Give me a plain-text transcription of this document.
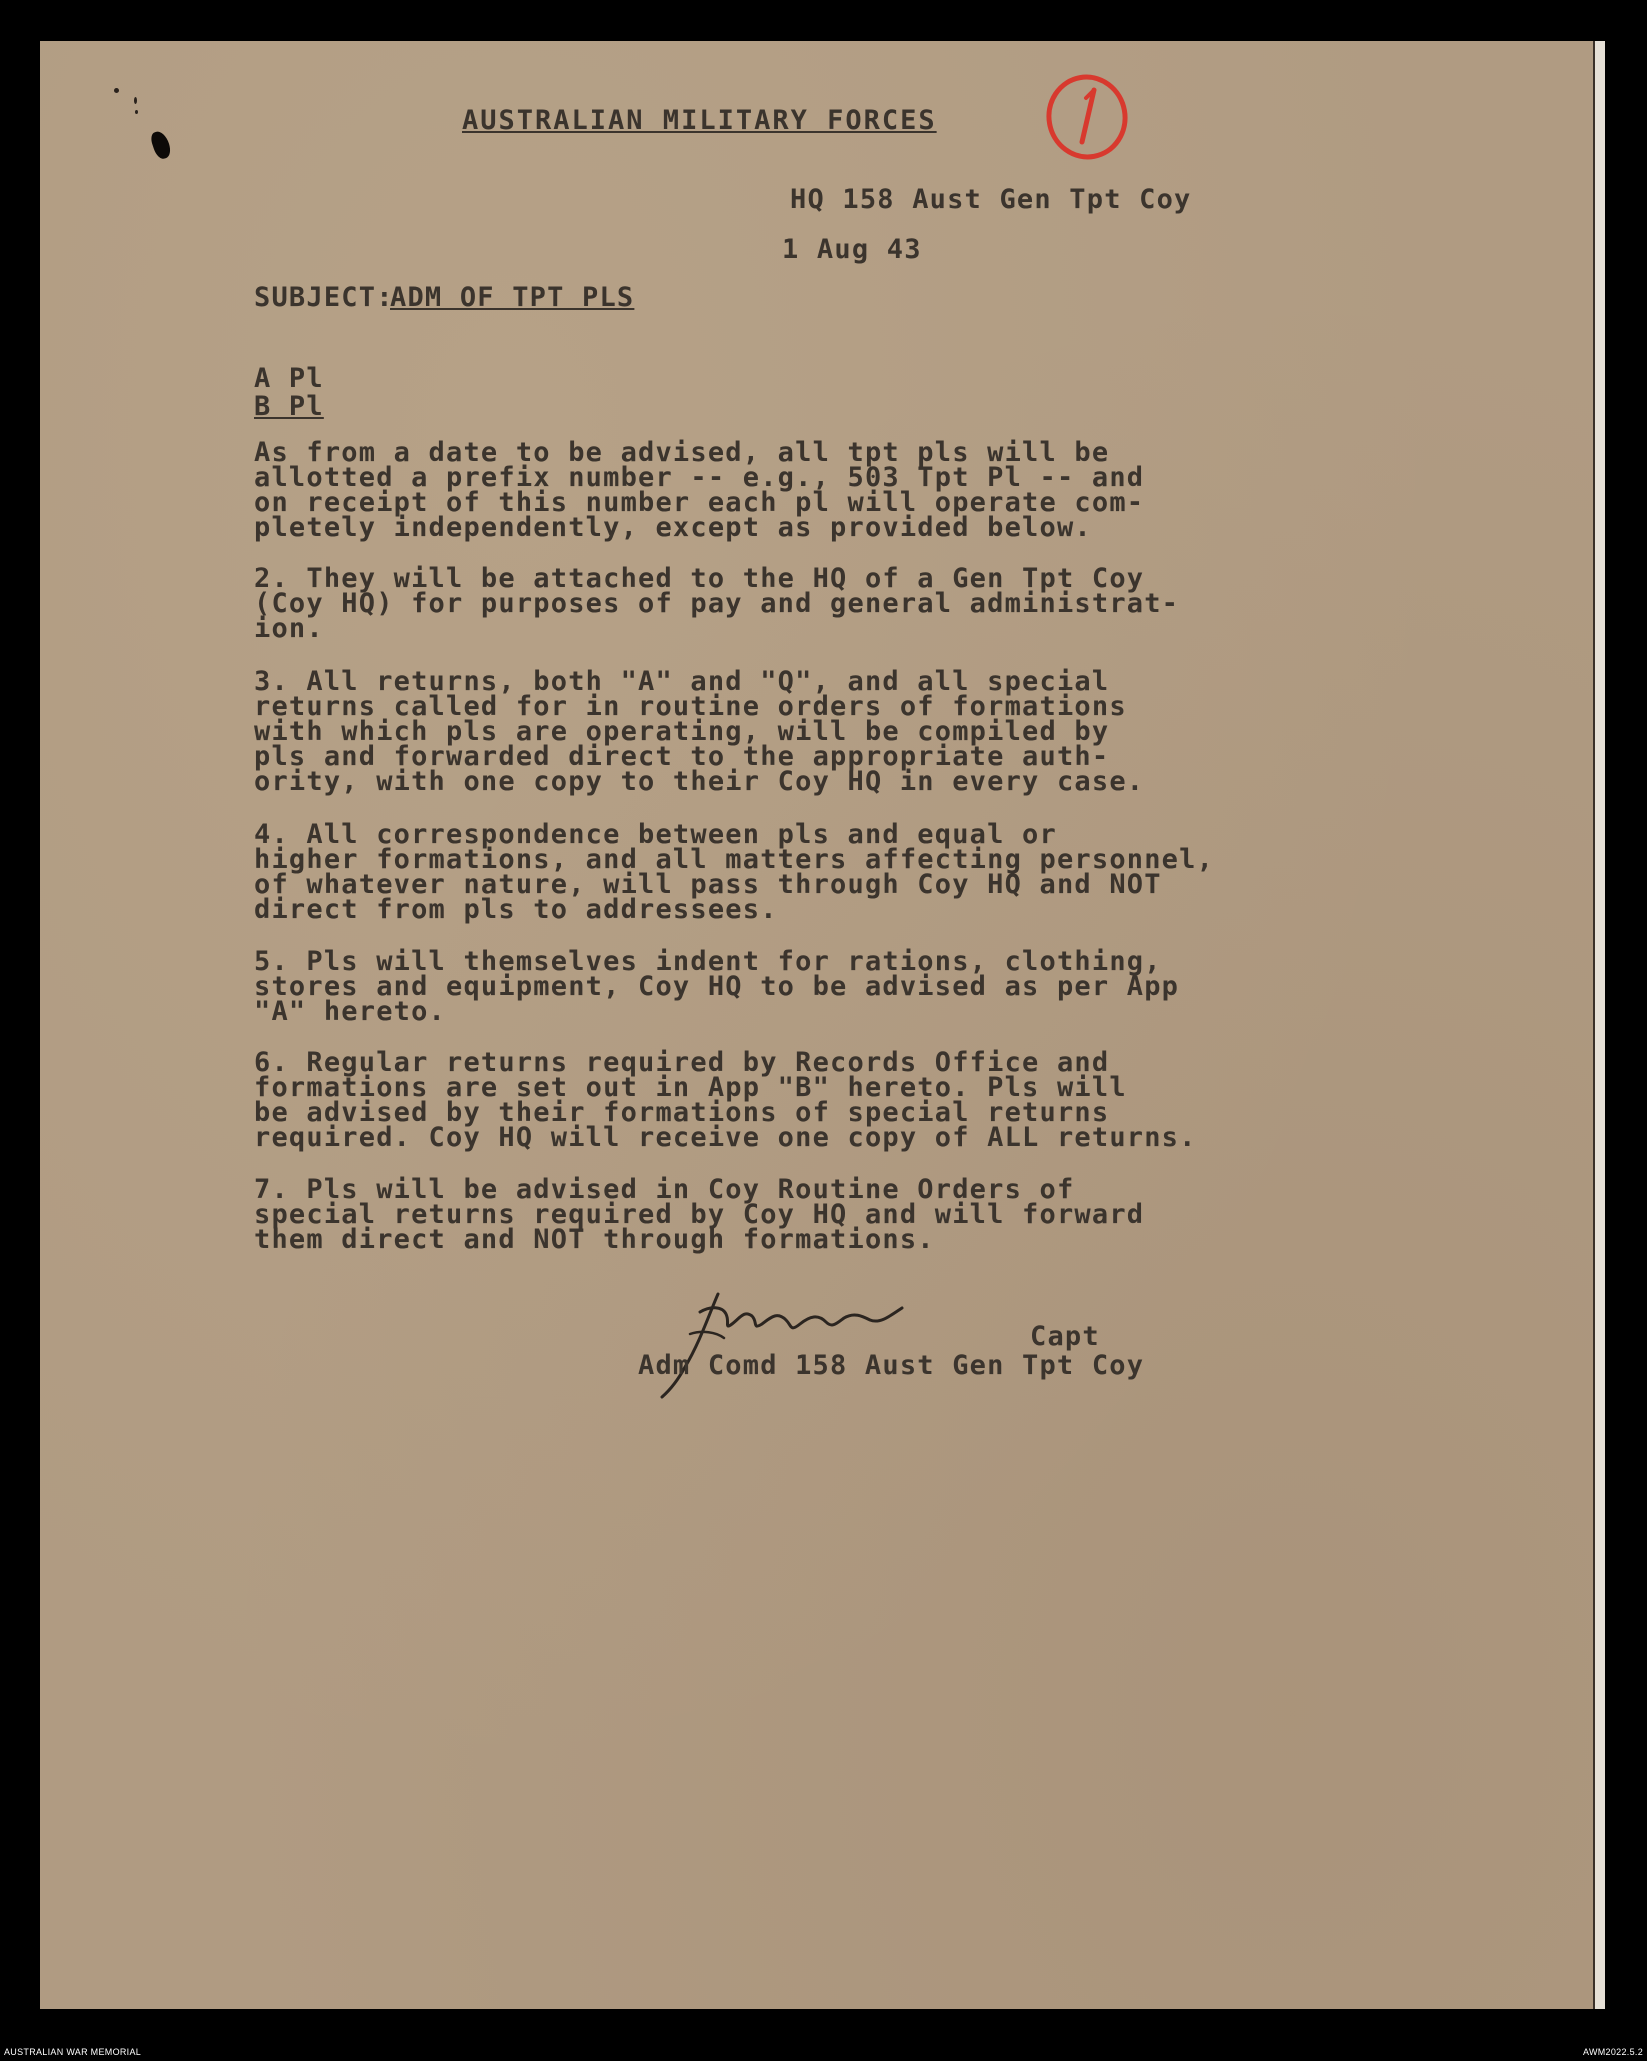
AUSTRALIAN MILITARY FORCES
HQ 158 Aust Gen Tpt Coy
1 Aug 43
SUBJECT:
ADM OF TPT PLS
A Pl
B Pl
As from a date to be advised, all tpt pls will be
allotted a prefix number -- e.g., 503 Tpt Pl -- and
on receipt of this number each pl will operate com-
pletely independently, except as provided below.
2. They will be attached to the HQ of a Gen Tpt Coy
(Coy HQ) for purposes of pay and general administrat-
ion.
3. All returns, both "A" and "Q", and all special
returns called for in routine orders of formations
with which pls are operating, will be compiled by
pls and forwarded direct to the appropriate auth-
ority, with one copy to their Coy HQ in every case.
4. All correspondence between pls and equal or
higher formations, and all matters affecting personnel,
of whatever nature, will pass through Coy HQ and NOT
direct from pls to addressees.
5. Pls will themselves indent for rations, clothing,
stores and equipment, Coy HQ to be advised as per App
"A" hereto.
6. Regular returns required by Records Office and
formations are set out in App "B" hereto. Pls will
be advised by their formations of special returns
required. Coy HQ will receive one copy of ALL returns.
7. Pls will be advised in Coy Routine Orders of
special returns required by Coy HQ and will forward
them direct and NOT through formations.
Capt
Adm Comd 158 Aust Gen Tpt Coy
AUSTRALIAN WAR MEMORIAL	AWM2022.5.2
